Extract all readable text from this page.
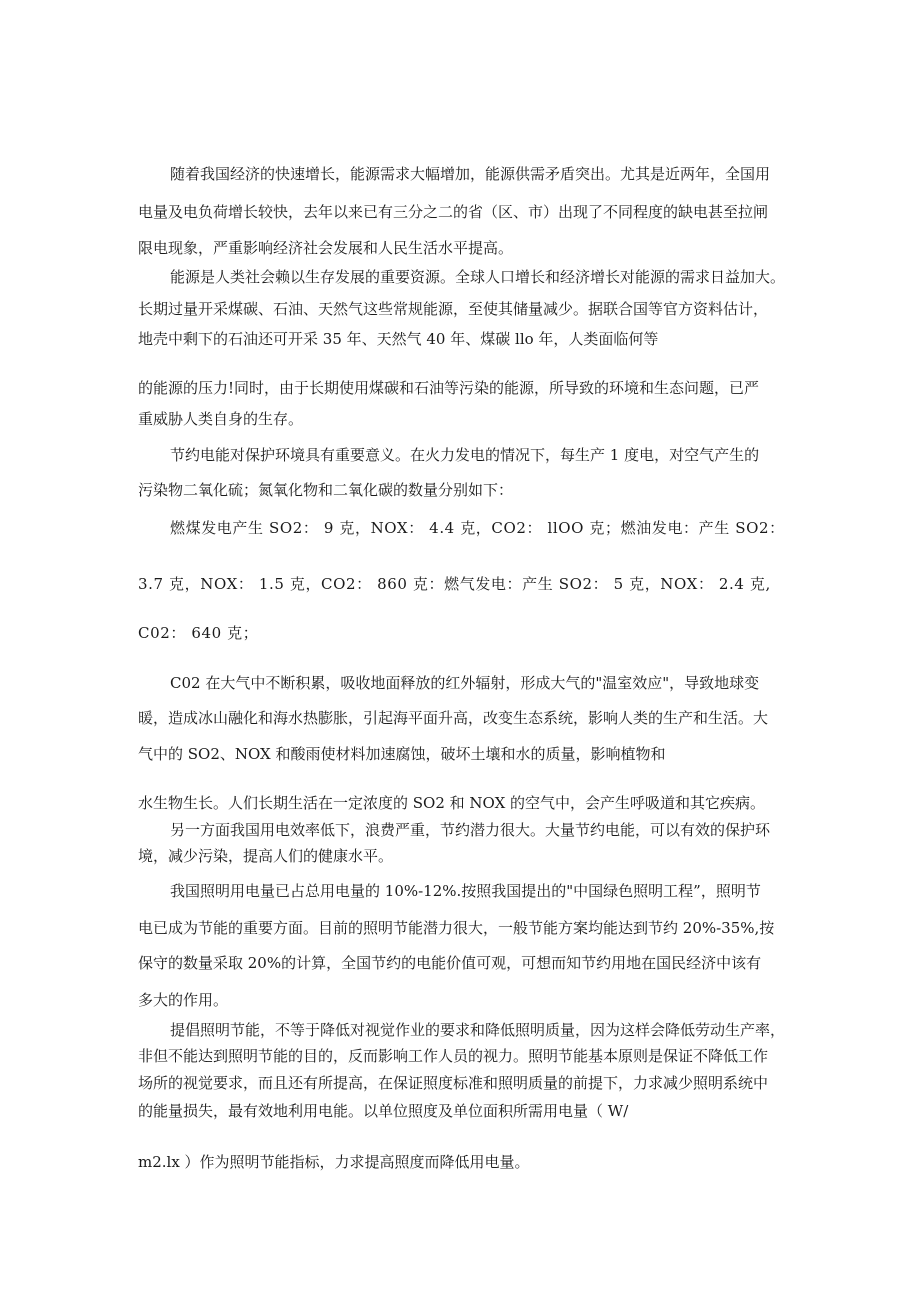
随着我国经济的快速增长，能源需求大幅增加，能源供需矛盾突出。尤其是近两年，全国用

电量及电负荷增长较快，去年以来已有三分之二的省（区、市）出现了不同程度的缺电甚至拉闸

限电现象，严重影响经济社会发展和人民生活水平提高。

能源是人类社会赖以生存发展的重要资源。全球人口增长和经济增长对能源的需求日益加大。

长期过量开采煤碳、石油、天然气这些常规能源，至使其储量减少。据联合国等官方资料估计，

地壳中剩下的石油还可开采 35 年、天然气 40 年、煤碳 llo 年，人类面临何等

的能源的压力!同时，由于长期使用煤碳和石油等污染的能源，所导致的环境和生态问题，已严

重威胁人类自身的生存。

节约电能对保护环境具有重要意义。在火力发电的情况下，每生产 1 度电，对空气产生的

污染物二氧化硫；氮氧化物和二氧化碳的数量分别如下：

燃煤发电产生 SO2： 9 克，NOX： 4.4 克，CO2： llOO 克；燃油发电：产生 SO2：

3.7 克，NOX： 1.5 克，CO2： 860 克：燃气发电：产生 SO2： 5 克，NOX： 2.4 克,

C02： 640 克；

C02 在大气中不断积累，吸收地面释放的红外辐射，形成大气的"温室效应"，导致地球变

暖，造成冰山融化和海水热膨胀，引起海平面升高，改变生态系统，影响人类的生产和生活。大

气中的 SO2、NOX 和酸雨使材料加速腐蚀，破坏土壤和水的质量，影响植物和

水生物生长。人们长期生活在一定浓度的 SO2 和 NOX 的空气中，会产生呼吸道和其它疾病。

另一方面我国用电效率低下，浪费严重，节约潜力很大。大量节约电能，可以有效的保护环

境，减少污染，提高人们的健康水平。

我国照明用电量已占总用电量的 10%-12%.按照我国提出的"中国绿色照明工程”，照明节

电已成为节能的重要方面。目前的照明节能潜力很大，一般节能方案均能达到节约 20%-35%,按

保守的数量采取 20%的计算，全国节约的电能价值可观，可想而知节约用地在国民经济中该有

多大的作用。

提倡照明节能，不等于降低对视觉作业的要求和降低照明质量，因为这样会降低劳动生产率，

非但不能达到照明节能的目的，反而影响工作人员的视力。照明节能基本原则是保证不降低工作

场所的视觉要求，而且还有所提高，在保证照度标准和照明质量的前提下，力求减少照明系统中

的能量损失，最有效地利用电能。以单位照度及单位面积所需用电量（ W/

m2.lx ）作为照明节能指标，力求提高照度而降低用电量。
